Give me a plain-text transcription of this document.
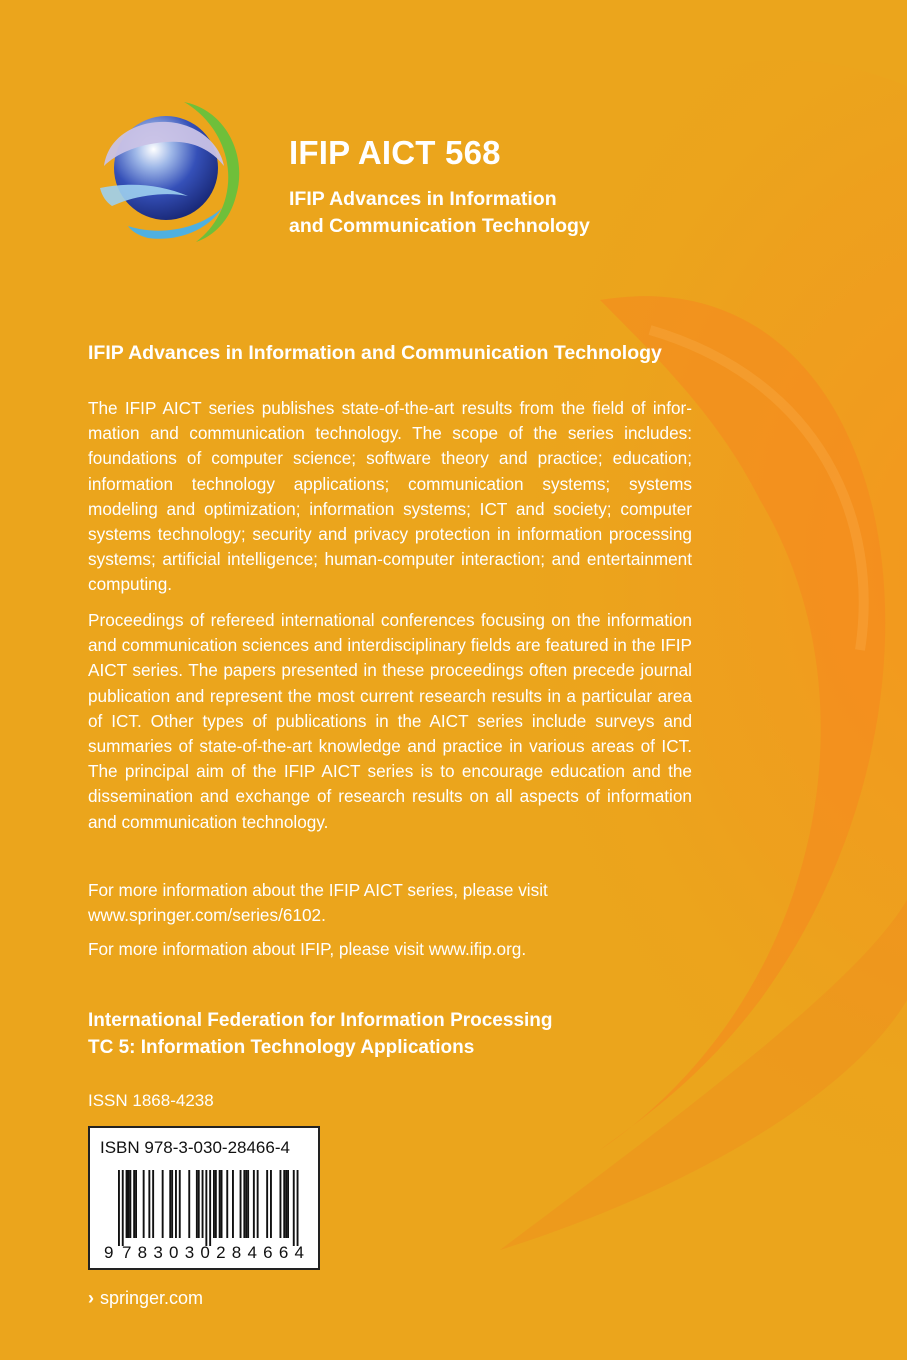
IFIP AICT 568

IFIP Advances in Information
and Communication Technology

IFIP Advances in Information and Communication Technology

The IFIP AICT series publishes state-of-the-art results from the field of information and communication technology. The scope of the series includes: foundations of computer science; software theory and practice; education; information technology applications; communication systems; systems modeling and optimization; information systems; ICT and society; computer systems technology; security and privacy protection in information processing systems; artificial intelligence; human-computer interaction; and entertainment computing.

Proceedings of refereed international conferences focusing on the information and communication sciences and interdisciplinary fields are featured in the IFIP AICT series. The papers presented in these proceedings often precede journal publication and represent the most current research results in a particular area of ICT. Other types of publications in the AICT series include surveys and summaries of state-of-the-art knowledge and practice in various areas of ICT. The principal aim of the IFIP AICT series is to encourage education and the dissemination and exchange of research results on all aspects of information and communication technology.

For more information about the IFIP AICT series, please visit
www.springer.com/series/6102.

For more information about IFIP, please visit www.ifip.org.

International Federation for Information Processing
TC 5: Information Technology Applications

ISSN 1868-4238

ISBN 978-3-030-28466-4

9 783030284664

› springer.com
